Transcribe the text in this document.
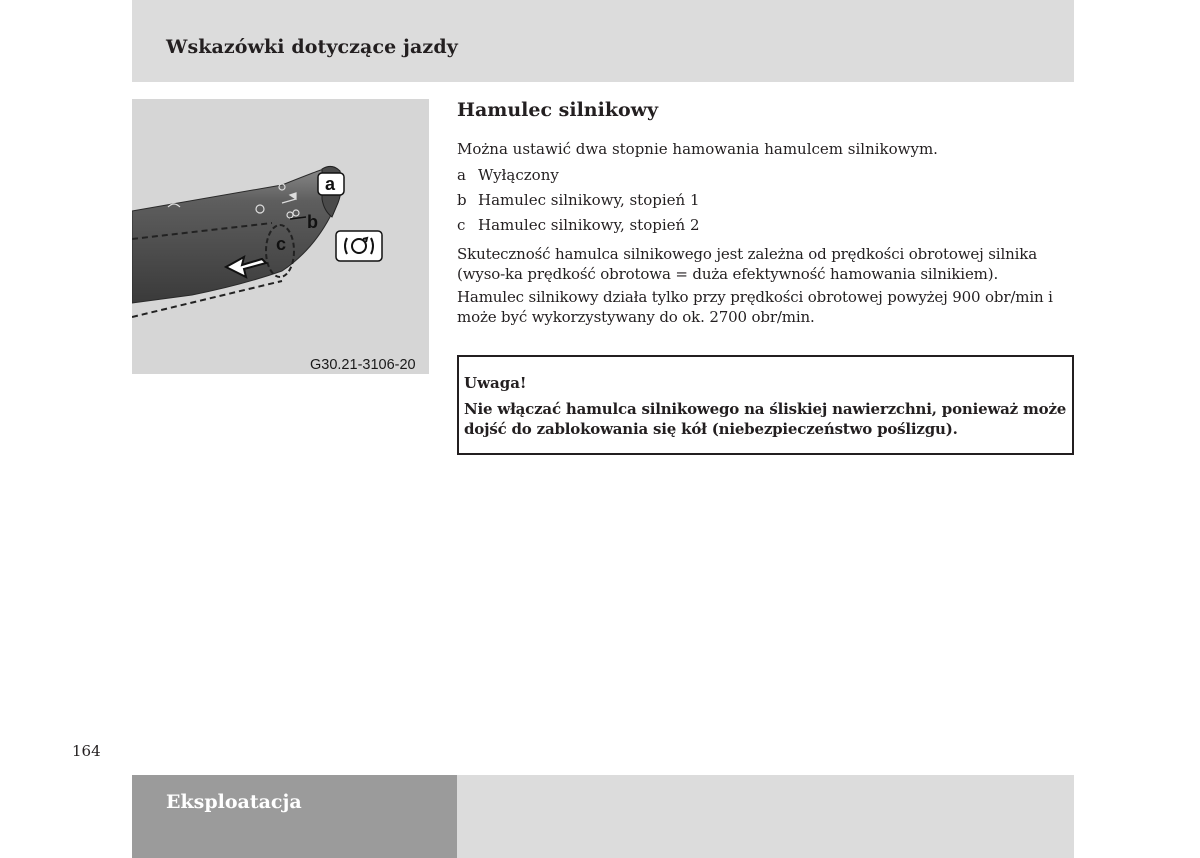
Wskazówki dotyczące jazdy
a
b
c
G30.21-3106-20
Hamulec silnikowy

Można ustawić dwa stopnie hamowania hamulcem silnikowym.

a Wyłączony
b Hamulec silnikowy, stopień 1
c Hamulec silnikowy, stopień 2

Skuteczność hamulca silnikowego jest zależna od prędkości obrotowej silnika (wyso-ka prędkość obrotowa = duża efektywność hamowania silnikiem).

Hamulec silnikowy działa tylko przy prędkości obrotowej powyżej 900 obr/min i może być wykorzystywany do ok. 2700 obr/min.

Uwaga!
Nie włączać hamulca silnikowego na śliskiej nawierzchni, ponieważ może dojść do zablokowania się kół (niebezpieczeństwo poślizgu).
164
Eksploatacja
